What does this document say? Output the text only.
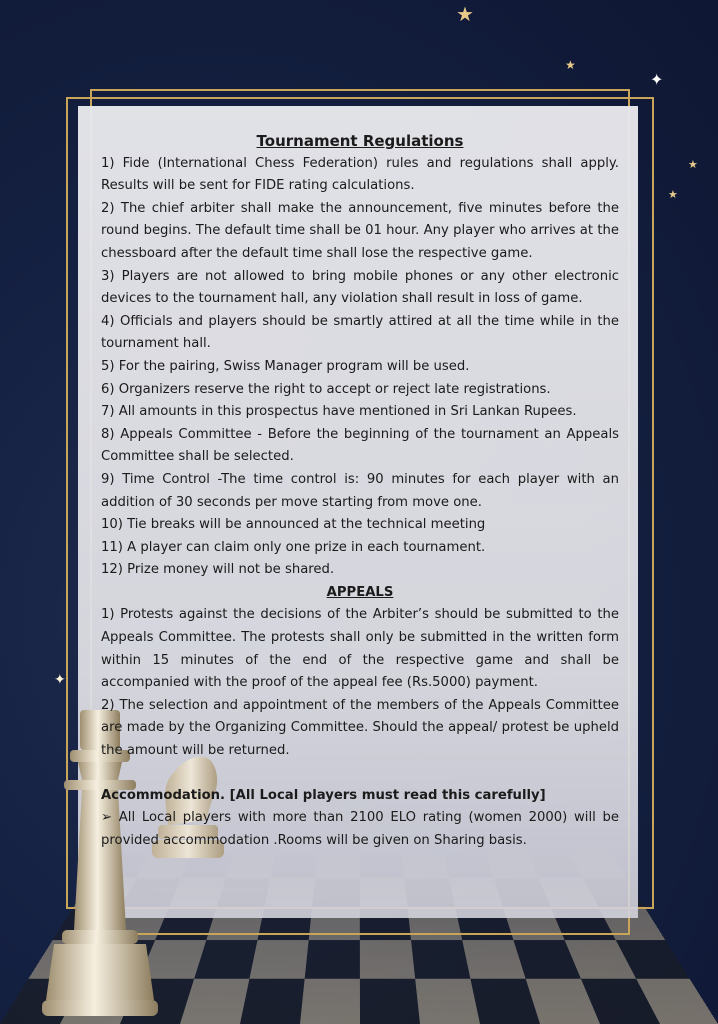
★
★
✦
★
★
✦

Tournament Regulations

1) Fide (International Chess Federation) rules and regulations shall apply. Results will be sent for FIDE rating calculations.

2) The chief arbiter shall make the announcement, five minutes before the round begins. The default time shall be 01 hour. Any player who arrives at the chessboard after the default time shall lose the respective game.

3) Players are not allowed to bring mobile phones or any other electronic devices to the tournament hall, any violation shall result in loss of game.

4) Officials and players should be smartly attired at all the time while in the tournament hall.

5) For the pairing, Swiss Manager program will be used.

6) Organizers reserve the right to accept or reject late registrations.

7) All amounts in this prospectus have mentioned in Sri Lankan Rupees.

8) Appeals Committee - Before the beginning of the tournament an Appeals Committee shall be selected.

9) Time Control -The time control is: 90 minutes for each player with an addition of 30 seconds per move starting from move one.

10) Tie breaks will be announced at the technical meeting

11) A player can claim only one prize in each tournament.

12) Prize money will not be shared.

APPEALS

1) Protests against the decisions of the Arbiter’s should be submitted to the Appeals Committee. The protests shall only be submitted in the written form within 15 minutes of the end of the respective game and shall be accompanied with the proof of the appeal fee (Rs.5000) payment.

2) The selection and appointment of the members of the Appeals Committee are made by the Organizing Committee. Should the appeal/ protest be upheld the amount will be returned.

Accommodation. [All Local players must read this carefully]

➢ All Local players with more than 2100 ELO rating (women 2000) will be provided accommodation .Rooms will be given on Sharing basis.
